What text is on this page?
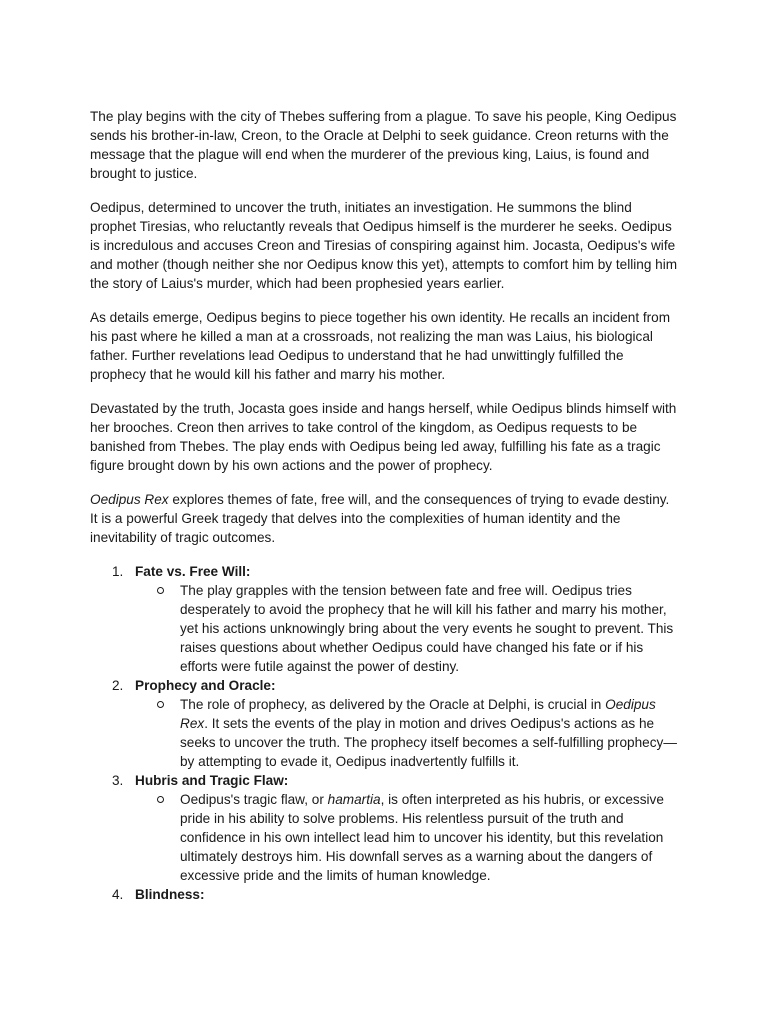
The play begins with the city of Thebes suffering from a plague. To save his people, King Oedipus sends his brother-in-law, Creon, to the Oracle at Delphi to seek guidance. Creon returns with the message that the plague will end when the murderer of the previous king, Laius, is found and brought to justice.

Oedipus, determined to uncover the truth, initiates an investigation. He summons the blind prophet Tiresias, who reluctantly reveals that Oedipus himself is the murderer he seeks. Oedipus is incredulous and accuses Creon and Tiresias of conspiring against him. Jocasta, Oedipus's wife and mother (though neither she nor Oedipus know this yet), attempts to comfort him by telling him the story of Laius's murder, which had been prophesied years earlier.

As details emerge, Oedipus begins to piece together his own identity. He recalls an incident from his past where he killed a man at a crossroads, not realizing the man was Laius, his biological father. Further revelations lead Oedipus to understand that he had unwittingly fulfilled the prophecy that he would kill his father and marry his mother.

Devastated by the truth, Jocasta goes inside and hangs herself, while Oedipus blinds himself with her brooches. Creon then arrives to take control of the kingdom, as Oedipus requests to be banished from Thebes. The play ends with Oedipus being led away, fulfilling his fate as a tragic figure brought down by his own actions and the power of prophecy.

Oedipus Rex explores themes of fate, free will, and the consequences of trying to evade destiny. It is a powerful Greek tragedy that delves into the complexities of human identity and the inevitability of tragic outcomes.

1. Fate vs. Free Will:
The play grapples with the tension between fate and free will. Oedipus tries desperately to avoid the prophecy that he will kill his father and marry his mother, yet his actions unknowingly bring about the very events he sought to prevent. This raises questions about whether Oedipus could have changed his fate or if his efforts were futile against the power of destiny.
2. Prophecy and Oracle:
The role of prophecy, as delivered by the Oracle at Delphi, is crucial in Oedipus Rex. It sets the events of the play in motion and drives Oedipus's actions as he seeks to uncover the truth. The prophecy itself becomes a self-fulfilling prophecy—by attempting to evade it, Oedipus inadvertently fulfills it.
3. Hubris and Tragic Flaw:
Oedipus's tragic flaw, or hamartia, is often interpreted as his hubris, or excessive pride in his ability to solve problems. His relentless pursuit of the truth and confidence in his own intellect lead him to uncover his identity, but this revelation ultimately destroys him. His downfall serves as a warning about the dangers of excessive pride and the limits of human knowledge.
4. Blindness:
